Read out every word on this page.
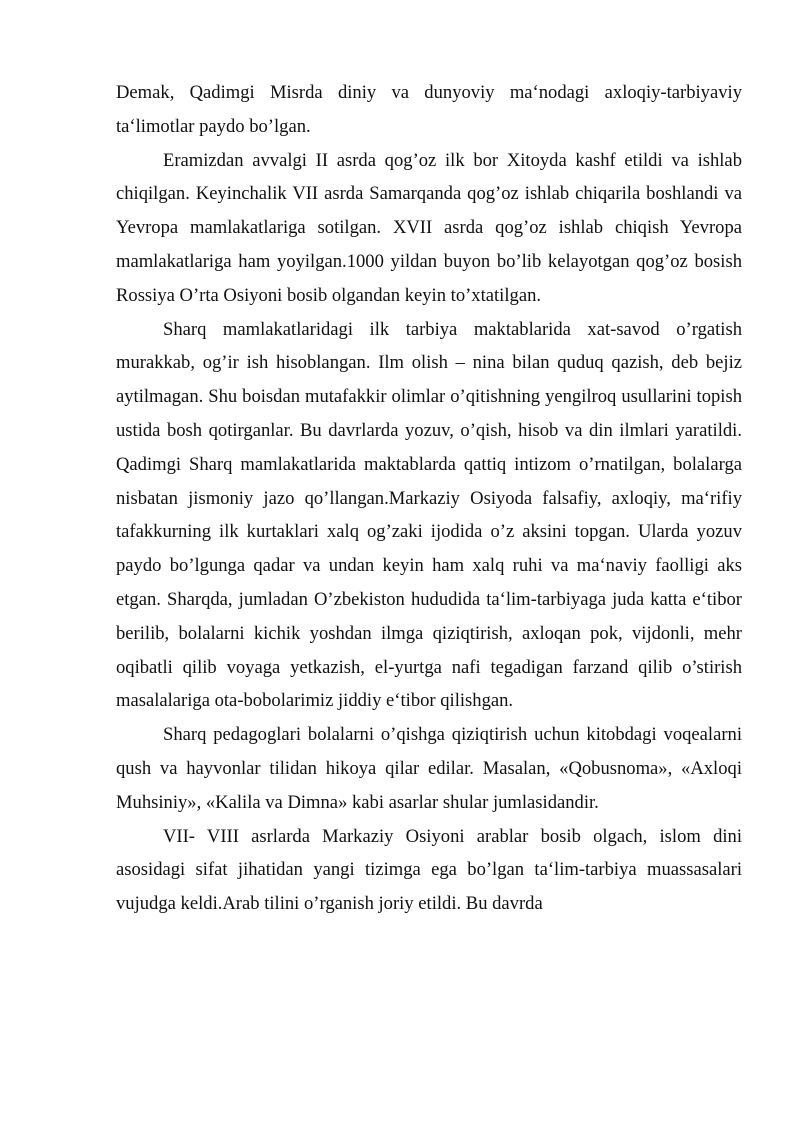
Demak, Qadimgi Misrda diniy va dunyoviy maʻnodagi axloqiy-tarbiyaviy taʻlimotlar paydo bo’lgan.

Eramizdan avvalgi II asrda qog’oz ilk bor Xitoyda kashf etildi va ishlab chiqilgan. Keyinchalik VII asrda Samarqanda qog’oz ishlab chiqarila boshlandi va Yevropa mamlakatlariga sotilgan. XVII asrda qog’oz ishlab chiqish Yevropa mamlakatlariga ham yoyilgan.1000 yildan buyon bo’lib kelayotgan qog’oz bosish Rossiya O’rta Osiyoni bosib olgandan keyin to’xtatilgan.

Sharq mamlakatlaridagi ilk tarbiya maktablarida xat-savod o’rgatish murakkab, og’ir ish hisoblangan. Ilm olish – nina bilan quduq qazish, deb bejiz aytilmagan. Shu boisdan mutafakkir olimlar o’qitishning yengilroq usullarini topish ustida bosh qotirganlar. Bu davrlarda yozuv, o’qish, hisob va din ilmlari yaratildi. Qadimgi Sharq mamlakatlarida maktablarda qattiq intizom o’rnatilgan, bolalarga nisbatan jismoniy jazo qo’llangan.Markaziy Osiyoda falsafiy, axloqiy, maʻrifiy tafakkurning ilk kurtaklari xalq og’zaki ijodida o’z aksini topgan. Ularda yozuv paydo bo’lgunga qadar va undan keyin ham xalq ruhi va maʻnaviy faolligi aks etgan. Sharqda, jumladan O’zbekiston hududida taʻlim-tarbiyaga juda katta eʻtibor berilib, bolalarni kichik yoshdan ilmga qiziqtirish, axloqan pok, vijdonli, mehr oqibatli qilib voyaga yetkazish, el-yurtga nafi tegadigan farzand qilib o’stirish masalalariga ota-bobolarimiz jiddiy eʻtibor qilishgan.

Sharq pedagoglari bolalarni o’qishga qiziqtirish uchun kitobdagi voqealarni qush va hayvonlar tilidan hikoya qilar edilar. Masalan, «Qobusnoma», «Axloqi Muhsiniy», «Kalila va Dimna» kabi asarlar shular jumlasidandir.

VII- VIII asrlarda Markaziy Osiyoni arablar bosib olgach, islom dini asosidagi sifat jihatidan yangi tizimga ega bo’lgan taʻlim-tarbiya muassasalari vujudga keldi.Arab tilini o’rganish joriy etildi. Bu davrda
